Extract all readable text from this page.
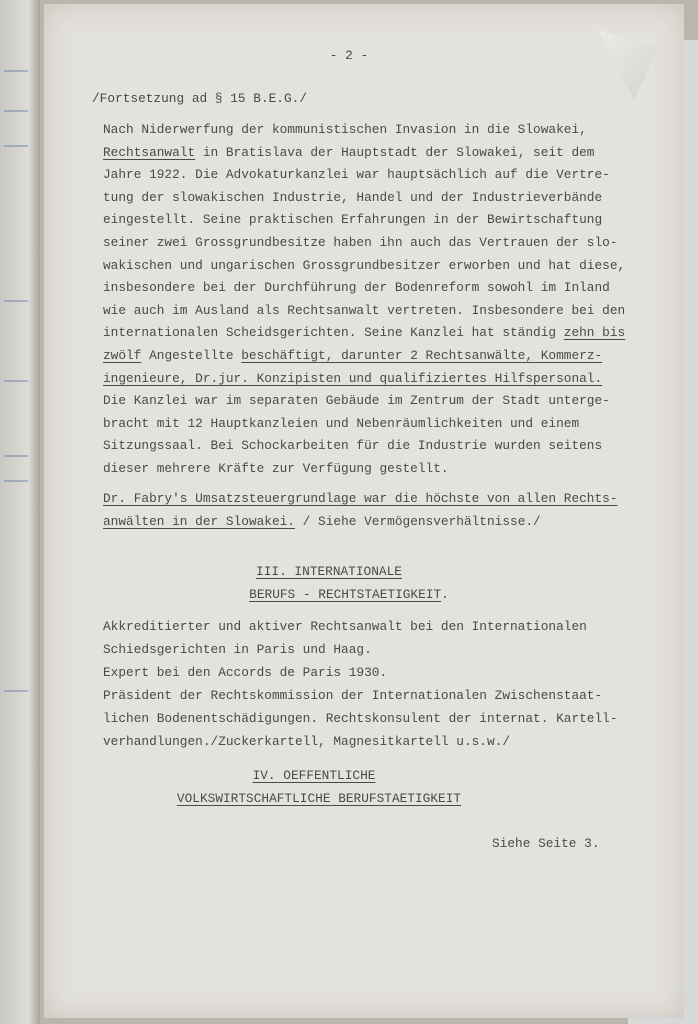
- 2 -
/Fortsetzung ad § 15 B.E.G./
Nach Niderwerfung der kommunistischen Invasion in die Slowakei,
Rechtsanwalt in Bratislava der Hauptstadt der Slowakei, seit dem
Jahre 1922. Die Advokaturkanzlei war hauptsächlich auf die Vertre-
tung der slowakischen Industrie, Handel und der Industrieverbände
eingestellt. Seine praktischen Erfahrungen in der Bewirtschaftung
seiner zwei Grossgrundbesitze haben ihn auch das Vertrauen der slo-
wakischen und ungarischen Grossgrundbesitzer erworben und hat diese,
insbesondere bei der Durchführung der Bodenreform sowohl im Inland
wie auch im Ausland als Rechtsanwalt vertreten. Insbesondere bei den
internationalen Scheidsgerichten. Seine Kanzlei hat ständig zehn bis
zwölf Angestellte beschäftigt, darunter 2 Rechtsanwälte, Kommerz-
ingenieure, Dr.jur. Konzipisten und qualifiziertes Hilfspersonal.
Die Kanzlei war im separaten Gebäude im Zentrum der Stadt unterge-
bracht mit 12 Hauptkanzleien und Nebenräumlichkeiten und einem
Sitzungssaal. Bei Schockarbeiten für die Industrie wurden seitens
dieser mehrere Kräfte zur Verfügung gestellt.
Dr. Fabry's Umsatzsteuergrundlage war die höchste von allen Rechts-
anwälten in der Slowakei. / Siehe Vermögensverhältnisse./
III. INTERNATIONALE
BERUFS - RECHTSTAETIGKEIT.
Akkreditierter und aktiver Rechtsanwalt bei den Internationalen
Schiedsgerichten in Paris und Haag.
Expert bei den Accords de Paris 1930.
Präsident der Rechtskommission der Internationalen Zwischenstaat-
lichen Bodenentschädigungen. Rechtskonsulent der internat. Kartell-
verhandlungen./Zuckerkartell, Magnesitkartell u.s.w./
IV. OEFFENTLICHE
VOLKSWIRTSCHAFTLICHE BERUFSTAETIGKEIT
Siehe Seite 3.
